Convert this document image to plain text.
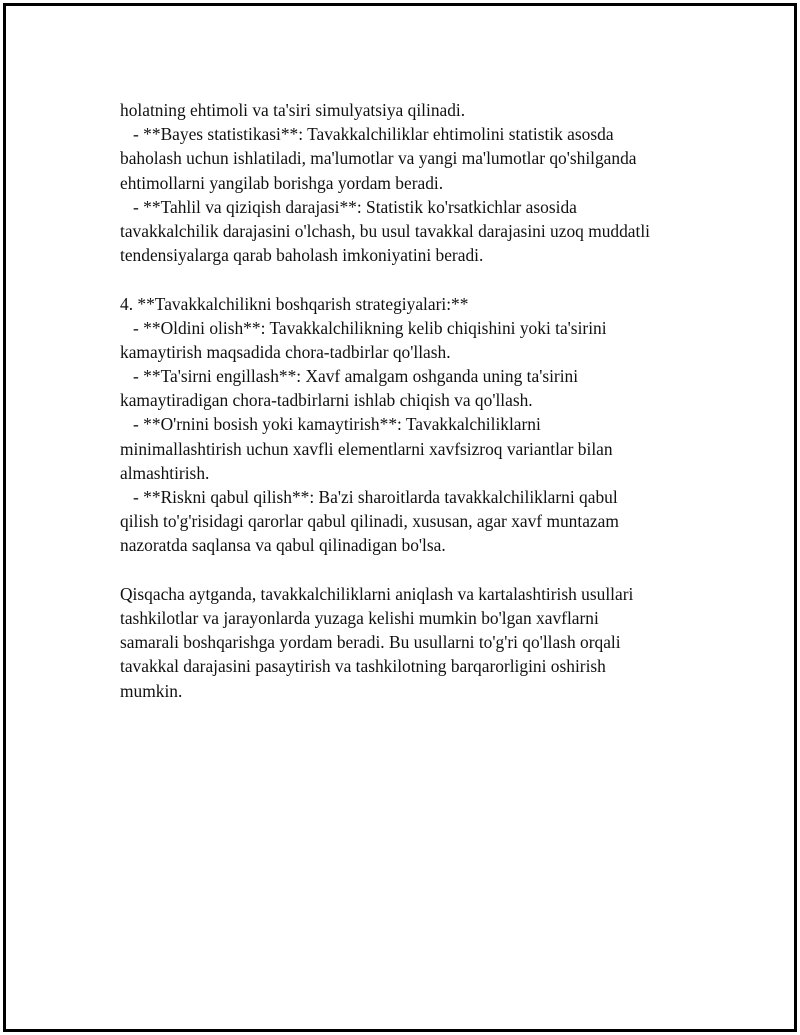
holatning ehtimoli va ta'siri simulyatsiya qilinadi.
- **Bayes statistikasi**: Tavakkalchiliklar ehtimolini statistik asosda
baholash uchun ishlatiladi, ma'lumotlar va yangi ma'lumotlar qo'shilganda
ehtimollarni yangilab borishga yordam beradi.
- **Tahlil va qiziqish darajasi**: Statistik ko'rsatkichlar asosida
tavakkalchilik darajasini o'lchash, bu usul tavakkal darajasini uzoq muddatli
tendensiyalarga qarab baholash imkoniyatini beradi.
4. **Tavakkalchilikni boshqarish strategiyalari:**
- **Oldini olish**: Tavakkalchilikning kelib chiqishini yoki ta'sirini
kamaytirish maqsadida chora-tadbirlar qo'llash.
- **Ta'sirni engillash**: Xavf amalgam oshganda uning ta'sirini
kamaytiradigan chora-tadbirlarni ishlab chiqish va qo'llash.
- **O'rnini bosish yoki kamaytirish**: Tavakkalchiliklarni
minimallashtirish uchun xavfli elementlarni xavfsizroq variantlar bilan
almashtirish.
- **Riskni qabul qilish**: Ba'zi sharoitlarda tavakkalchiliklarni qabul
qilish to'g'risidagi qarorlar qabul qilinadi, xususan, agar xavf muntazam
nazoratda saqlansa va qabul qilinadigan bo'lsa.
Qisqacha aytganda, tavakkalchiliklarni aniqlash va kartalashtirish usullari
tashkilotlar va jarayonlarda yuzaga kelishi mumkin bo'lgan xavflarni
samarali boshqarishga yordam beradi. Bu usullarni to'g'ri qo'llash orqali
tavakkal darajasini pasaytirish va tashkilotning barqarorligini oshirish
mumkin.
